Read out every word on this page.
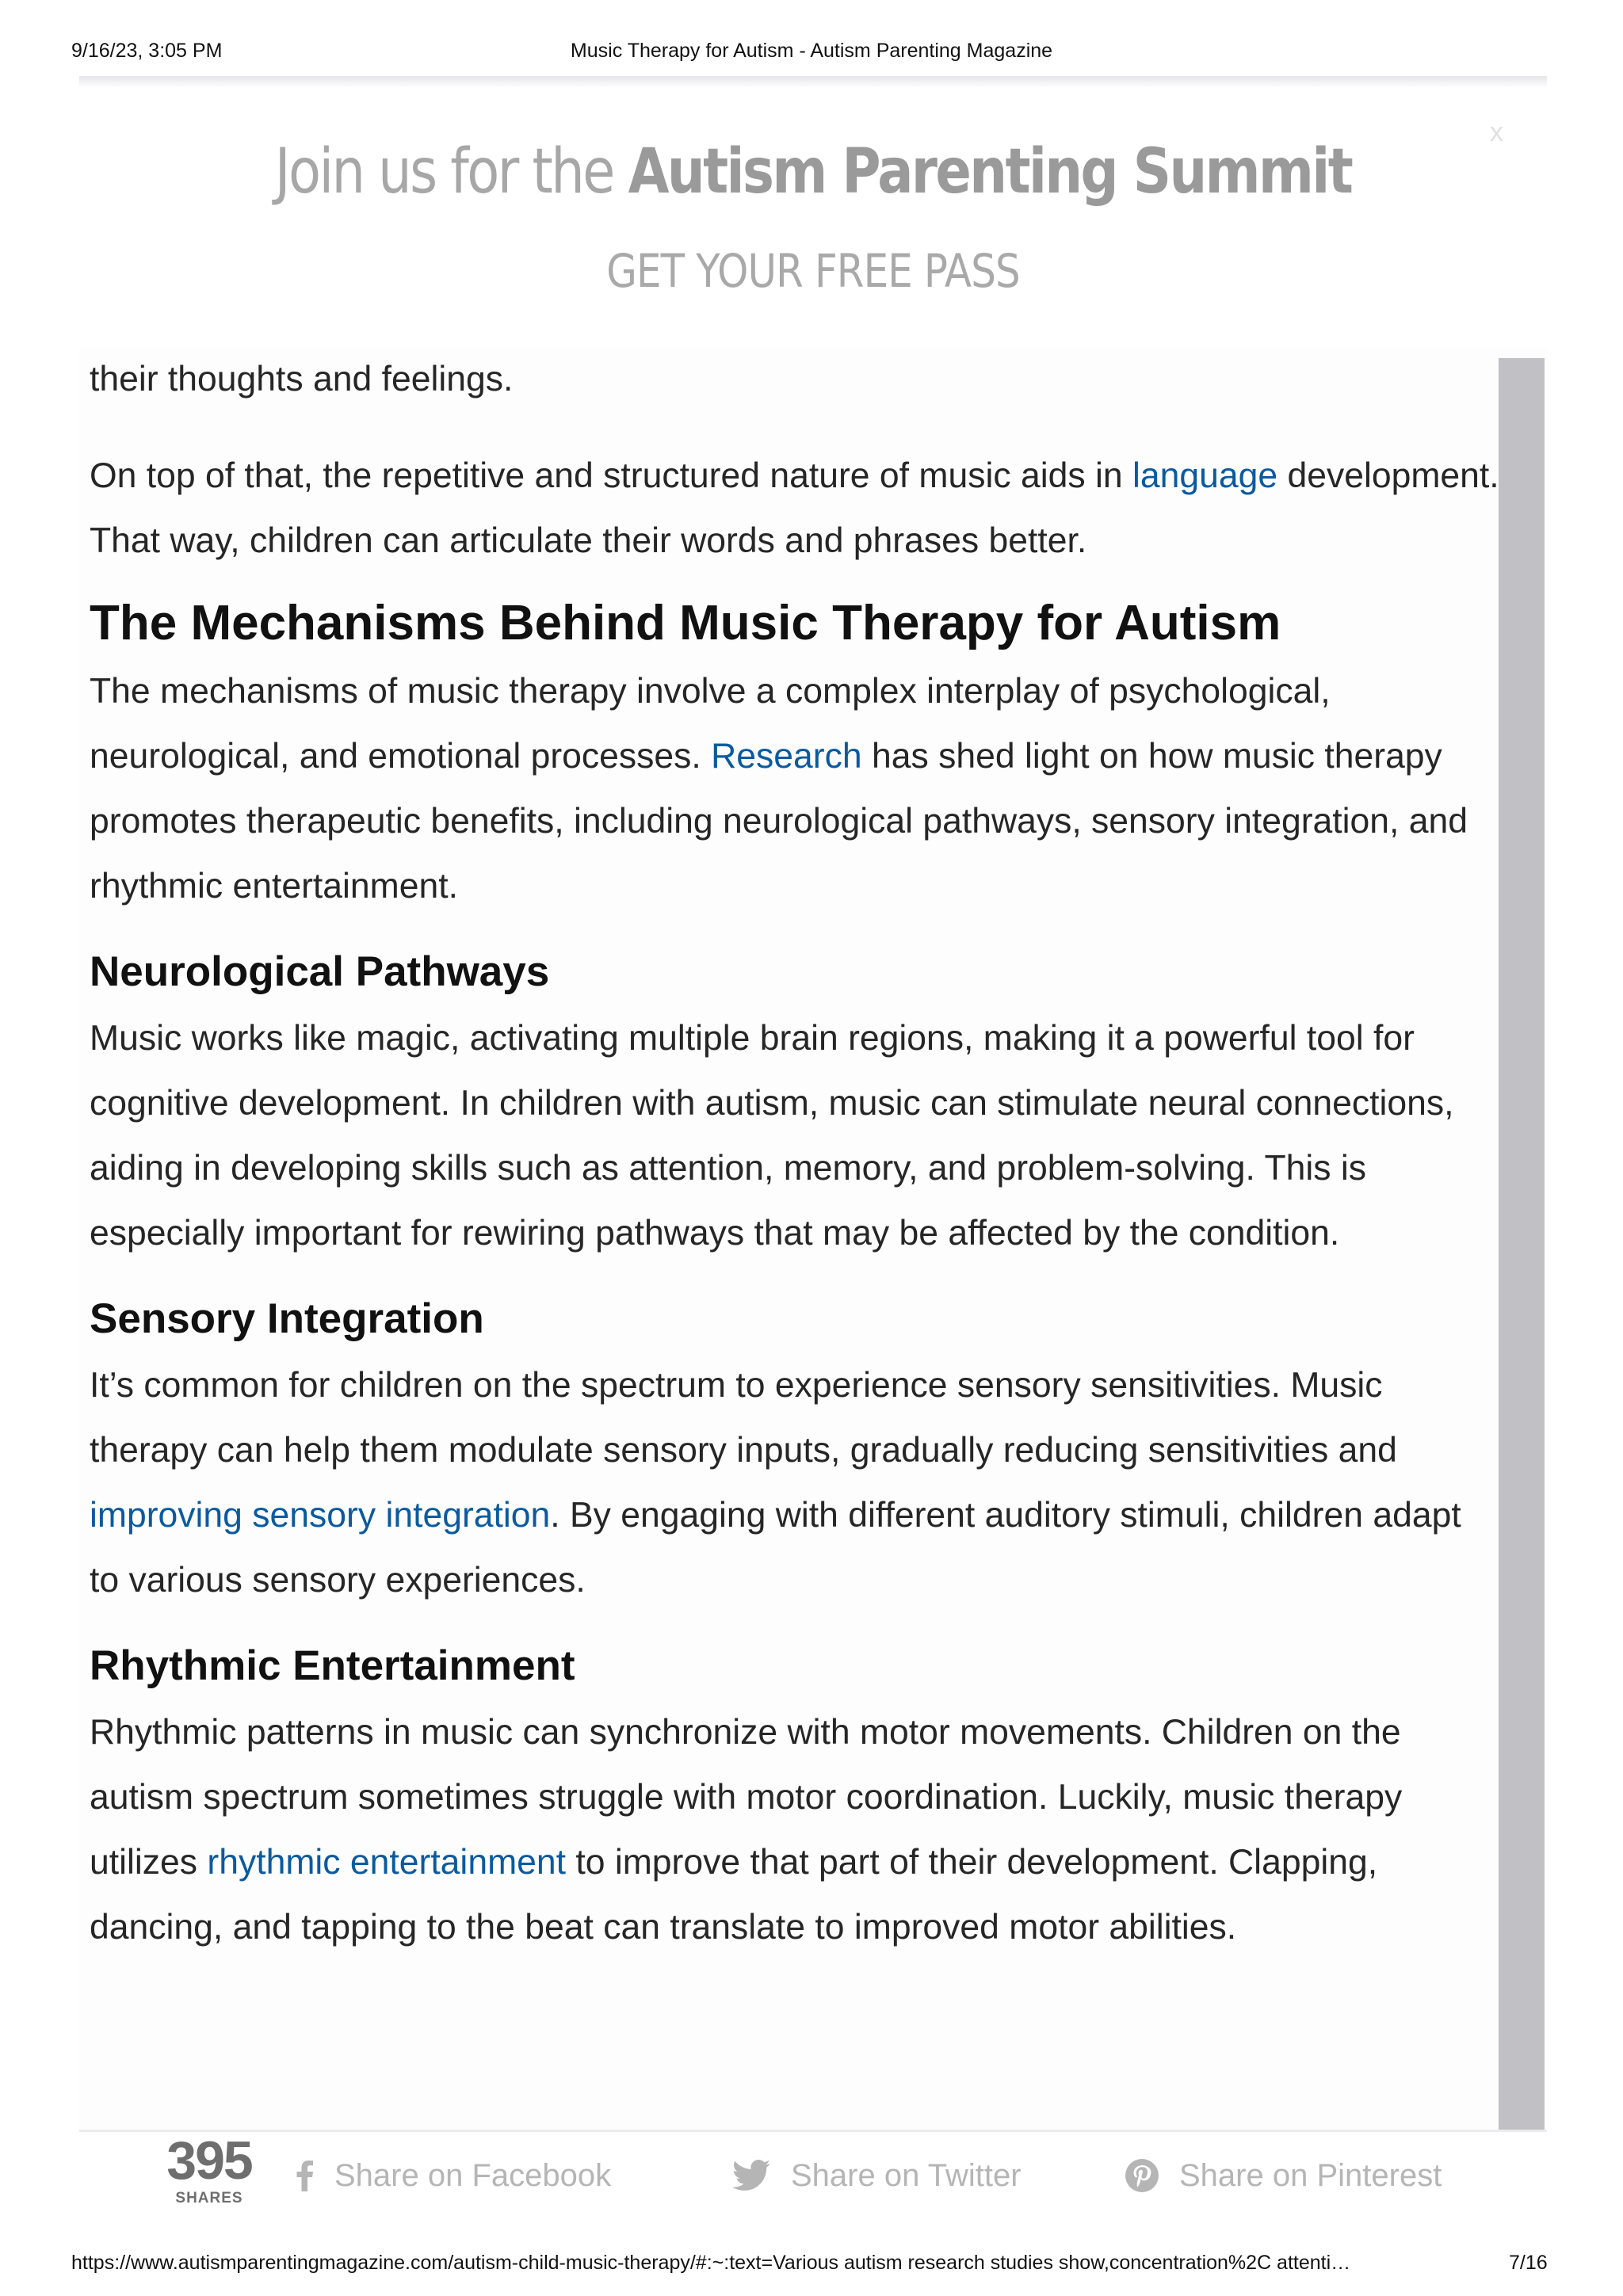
Music Therapy for Autism - Autism Parenting Magazine
9/16/23, 3:05 PM
x
Join us for the Autism Parenting Summit
GET YOUR FREE PASS

their thoughts and feelings.

On top of that, the repetitive and structured nature of music aids in language development. That way, children can articulate their words and phrases better.

The Mechanisms Behind Music Therapy for Autism

The mechanisms of music therapy involve a complex interplay of psychological, neurological, and emotional processes. Research has shed light on how music therapy promotes therapeutic benefits, including neurological pathways, sensory integration, and rhythmic entertainment.

Neurological Pathways

Music works like magic, activating multiple brain regions, making it a powerful tool for cognitive development. In children with autism, music can stimulate neural connections, aiding in developing skills such as attention, memory, and problem-solving. This is especially important for rewiring pathways that may be affected by the condition.

Sensory Integration

It’s common for children on the spectrum to experience sensory sensitivities. Music therapy can help them modulate sensory inputs, gradually reducing sensitivities and improving sensory integration. By engaging with different auditory stimuli, children adapt to various sensory experiences.

Rhythmic Entertainment

Rhythmic patterns in music can synchronize with motor movements. Children on the autism spectrum sometimes struggle with motor coordination. Luckily, music therapy utilizes rhythmic entertainment to improve that part of their development. Clapping, dancing, and tapping to the beat can translate to improved motor abilities.

395
SHARES
Share on Facebook	Share on Twitter	Share on Pinterest
https://www.autismparentingmagazine.com/autism-child-music-therapy/#:~:text=Various autism research studies show,concentration%2C attenti…	7/16
